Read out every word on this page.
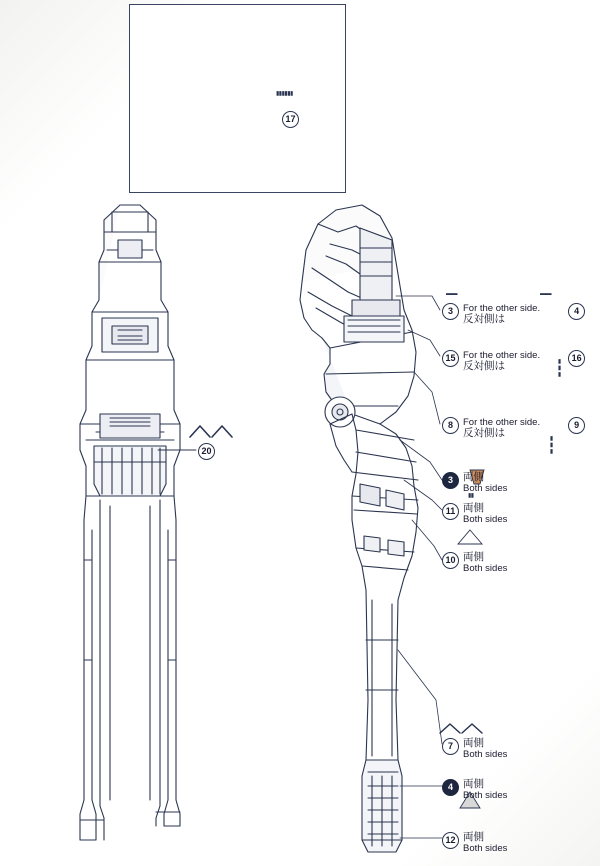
▮▮▮▮▮▮
17
20
3	For the other side.
反対側は
4
▬▬	▬▬
15 For the other side.
反対側は
16
▮▮▮
8	For the other side.
反対側は
9
▮▮▮
3 両側
Both sides
▮▮
11 両側
Both sides
10 両側
Both sides
7 両側
Both sides
4 両側
Both sides
12 両側
Both sides
